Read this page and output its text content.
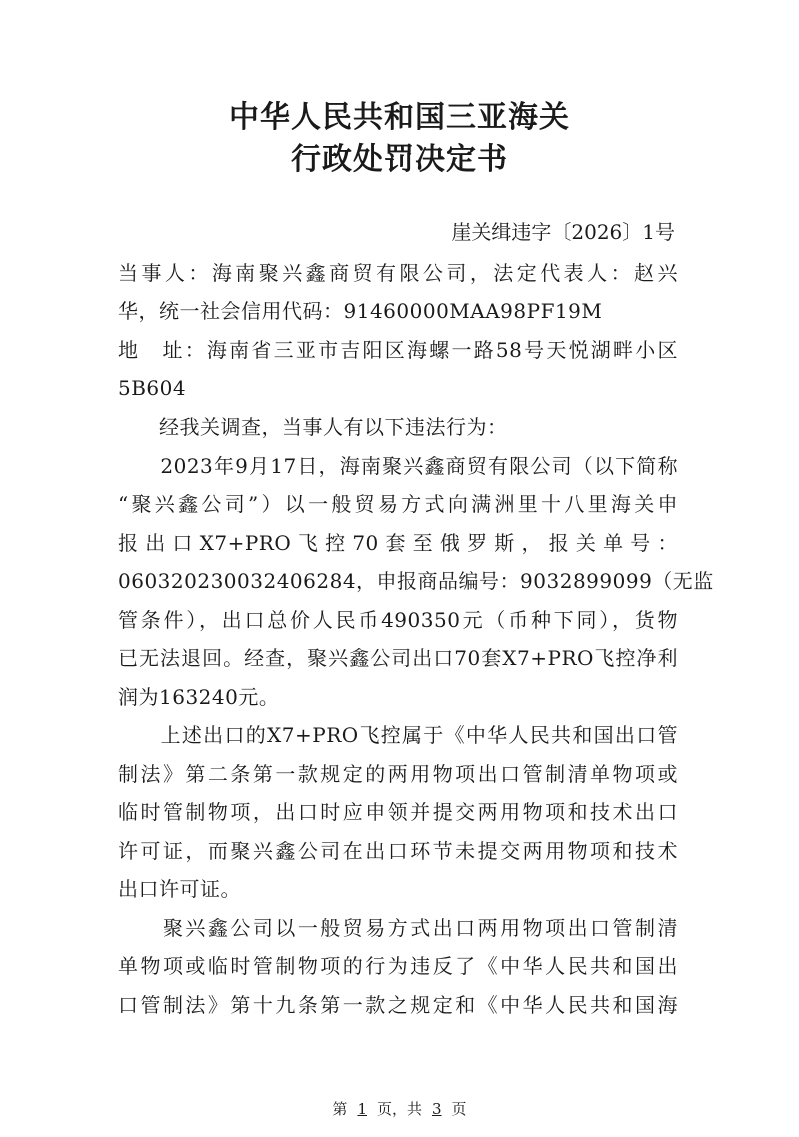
中华人民共和国三亚海关
行政处罚决定书
崖关缉违字〔2026〕1号
当事人：海南聚兴鑫商贸有限公司，法定代表人：赵兴
华，统一社会信用代码：91460000MAA98PF19M
地　址：海南省三亚市吉阳区海螺一路58号天悦湖畔小区
5B604
　　经我关调查，当事人有以下违法行为：
　　2023年9月17日，海南聚兴鑫商贸有限公司（以下简称
“聚兴鑫公司”）以一般贸易方式向满洲里十八里海关申
报出口X7+PRO飞控70套至俄罗斯，报关单号：
060320230032406284，申报商品编号：9032899099（无监
管条件），出口总价人民币490350元（币种下同），货物
已无法退回。经查，聚兴鑫公司出口70套X7+PRO飞控净利
润为163240元。
　　上述出口的X7+PRO飞控属于《中华人民共和国出口管
制法》第二条第一款规定的两用物项出口管制清单物项或
临时管制物项，出口时应申领并提交两用物项和技术出口
许可证，而聚兴鑫公司在出口环节未提交两用物项和技术
出口许可证。
　　聚兴鑫公司以一般贸易方式出口两用物项出口管制清
单物项或临时管制物项的行为违反了《中华人民共和国出
口管制法》第十九条第一款之规定和《中华人民共和国海
第 1 页，共 3 页
